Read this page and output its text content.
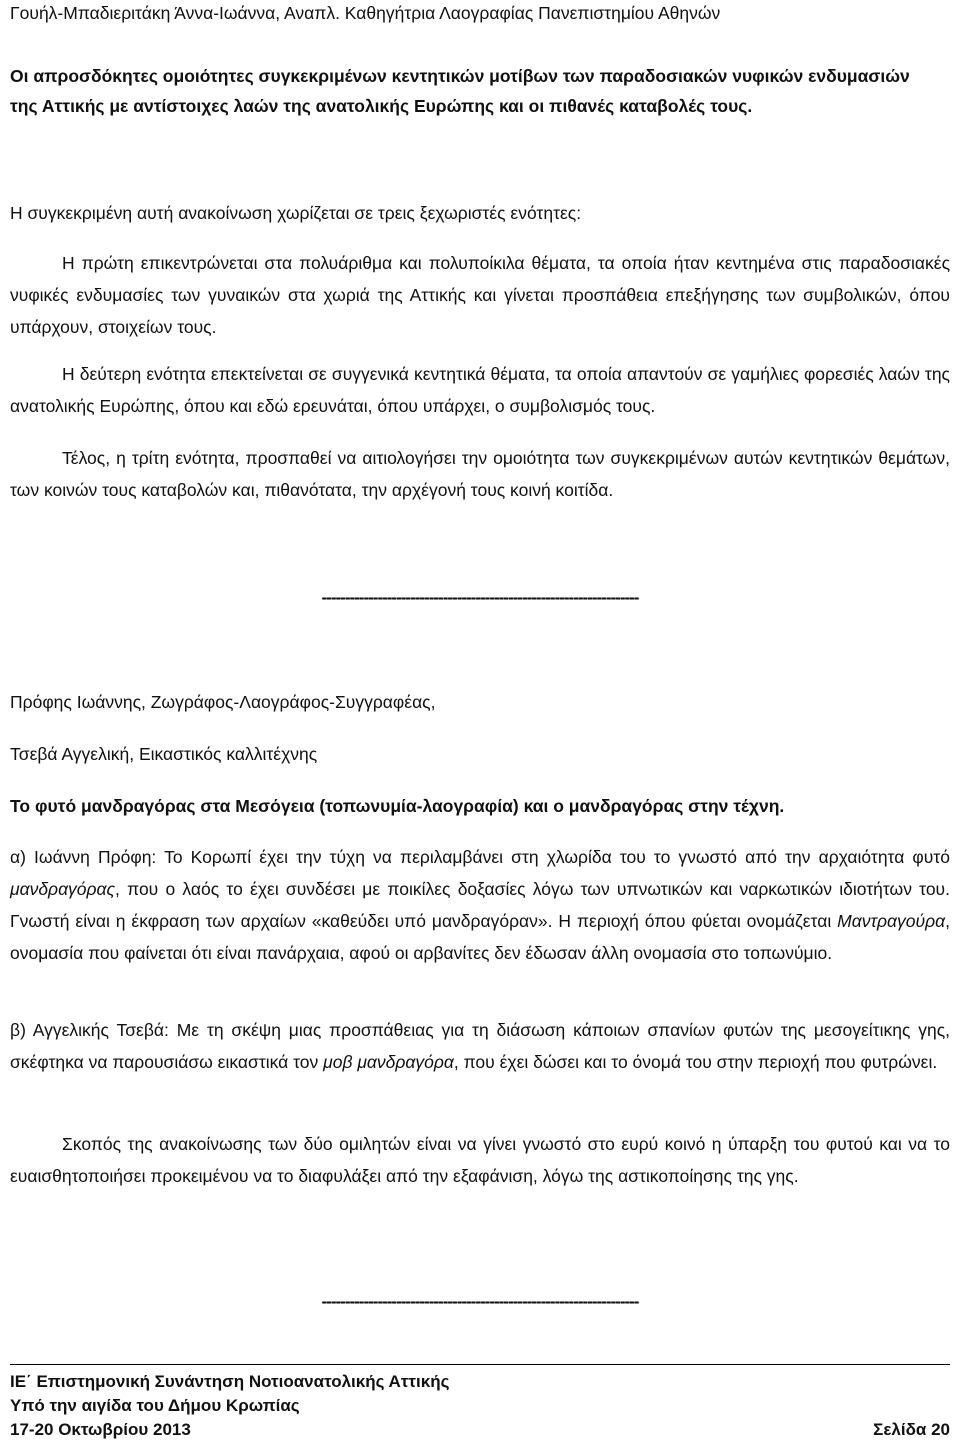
Γουήλ-Μπαδιεριτάκη Άννα-Ιωάννα, Αναπλ. Καθηγήτρια Λαογραφίας Πανεπιστημίου Αθηνών

Οι απροσδόκητες ομοιότητες συγκεκριμένων κεντητικών μοτίβων των παραδοσιακών νυφικών ενδυμασιών της Αττικής με αντίστοιχες λαών της ανατολικής Ευρώπης και οι πιθανές καταβολές τους.

Η συγκεκριμένη αυτή ανακοίνωση χωρίζεται σε τρεις ξεχωριστές ενότητες:

Η πρώτη επικεντρώνεται στα πολυάριθμα και πολυποίκιλα θέματα, τα οποία ήταν κεντημένα στις παραδοσιακές νυφικές ενδυμασίες των γυναικών στα χωριά της Αττικής και γίνεται προσπάθεια επεξήγησης των συμβολικών, όπου υπάρχουν, στοιχείων τους.

Η δεύτερη ενότητα επεκτείνεται σε συγγενικά κεντητικά θέματα, τα οποία απαντούν σε γαμήλιες φορεσιές λαών της ανατολικής Ευρώπης, όπου και εδώ ερευνάται, όπου υπάρχει, ο συμβολισμός τους.

Τέλος, η τρίτη ενότητα, προσπαθεί να αιτιολογήσει την ομοιότητα των συγκεκριμένων αυτών κεντητικών θεμάτων, των κοινών τους καταβολών και, πιθανότατα, την αρχέγονή τους κοινή κοιτίδα.

--------------------------------------------------------------------

Πρόφης Ιωάννης, Ζωγράφος-Λαογράφος-Συγγραφέας,

Τσεβά Αγγελική, Εικαστικός καλλιτέχνης

Το φυτό μανδραγόρας στα Μεσόγεια (τοπωνυμία-λαογραφία) και ο μανδραγόρας στην τέχνη.

α) Ιωάννη Πρόφη: Το Κορωπί έχει την τύχη να περιλαμβάνει στη χλωρίδα του το γνωστό από την αρχαιότητα φυτό μανδραγόρας, που ο λαός το έχει συνδέσει με ποικίλες δοξασίες λόγω των υπνωτικών και ναρκωτικών ιδιοτήτων του. Γνωστή είναι η έκφραση των αρχαίων «καθεύδει υπό μανδραγόραν». Η περιοχή όπου φύεται ονομάζεται Μαντραγούρα, ονομασία που φαίνεται ότι είναι πανάρχαια, αφού οι αρβανίτες δεν έδωσαν άλλη ονομασία στο τοπωνύμιο.

β) Αγγελικής Τσεβά: Με τη σκέψη μιας προσπάθειας για τη διάσωση κάποιων σπανίων φυτών της μεσογείτικης γης, σκέφτηκα να παρουσιάσω εικαστικά τον μοβ μανδραγόρα, που έχει δώσει και το όνομά του στην περιοχή που φυτρώνει.

Σκοπός της ανακοίνωσης των δύο ομιλητών είναι να γίνει γνωστό στο ευρύ κοινό η ύπαρξη του φυτού και να το ευαισθητοποιήσει προκειμένου να το διαφυλάξει από την εξαφάνιση, λόγω της αστικοποίησης της γης.

--------------------------------------------------------------------
ΙΕ΄ Επιστημονική Συνάντηση Νοτιοανατολικής Αττικής
Υπό την αιγίδα του Δήμου Κρωπίας
17-20 Οκτωβρίου 2013	Σελίδα 20
